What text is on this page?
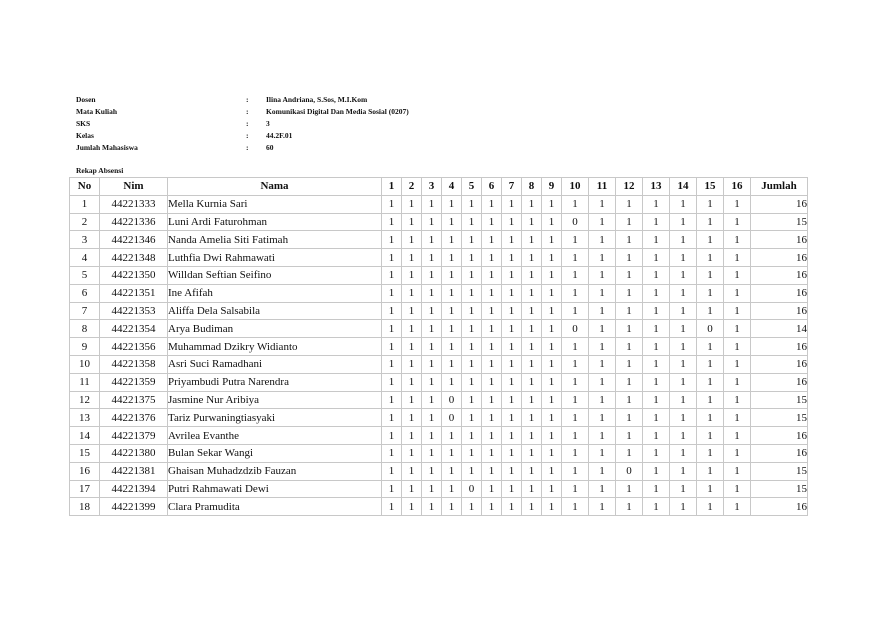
Dosen	:	Ilina Andriana, S.Sos, M.I.Kom
Mata Kuliah	:	Komunikasi Digital Dan Media Sosial (0207)
SKS	:	3
Kelas	:	44.2F.01
Jumlah Mahasiswa	:	60
Rekap Absensi
No	Nim	Nama	1	2	3	4	5	6	7	8	9	10	11	12	13	14	15	16	Jumlah
1	44221333	Mella Kurnia Sari	1	1	1	1	1	1	1	1	1	1	1	1	1	1	1	1	16
2	44221336	Luni Ardi Faturohman	1	1	1	1	1	1	1	1	1	0	1	1	1	1	1	1	15
3	44221346	Nanda Amelia Siti Fatimah	1	1	1	1	1	1	1	1	1	1	1	1	1	1	1	1	16
4	44221348	Luthfia Dwi Rahmawati	1	1	1	1	1	1	1	1	1	1	1	1	1	1	1	1	16
5	44221350	Willdan Seftian Seifino	1	1	1	1	1	1	1	1	1	1	1	1	1	1	1	1	16
6	44221351	Ine Afifah	1	1	1	1	1	1	1	1	1	1	1	1	1	1	1	1	16
7	44221353	Aliffa Dela Salsabila	1	1	1	1	1	1	1	1	1	1	1	1	1	1	1	1	16
8	44221354	Arya Budiman	1	1	1	1	1	1	1	1	1	0	1	1	1	1	0	1	14
9	44221356	Muhammad Dzikry Widianto	1	1	1	1	1	1	1	1	1	1	1	1	1	1	1	1	16
10	44221358	Asri Suci Ramadhani	1	1	1	1	1	1	1	1	1	1	1	1	1	1	1	1	16
11	44221359	Priyambudi Putra Narendra	1	1	1	1	1	1	1	1	1	1	1	1	1	1	1	1	16
12	44221375	Jasmine Nur Aribiya	1	1	1	0	1	1	1	1	1	1	1	1	1	1	1	1	15
13	44221376	Tariz Purwaningtiasyaki	1	1	1	0	1	1	1	1	1	1	1	1	1	1	1	1	15
14	44221379	Avrilea Evanthe	1	1	1	1	1	1	1	1	1	1	1	1	1	1	1	1	16
15	44221380	Bulan Sekar Wangi	1	1	1	1	1	1	1	1	1	1	1	1	1	1	1	1	16
16	44221381	Ghaisan Muhadzdzib Fauzan	1	1	1	1	1	1	1	1	1	1	1	0	1	1	1	1	15
17	44221394	Putri Rahmawati Dewi	1	1	1	1	0	1	1	1	1	1	1	1	1	1	1	1	15
18	44221399	Clara Pramudita	1	1	1	1	1	1	1	1	1	1	1	1	1	1	1	1	16
